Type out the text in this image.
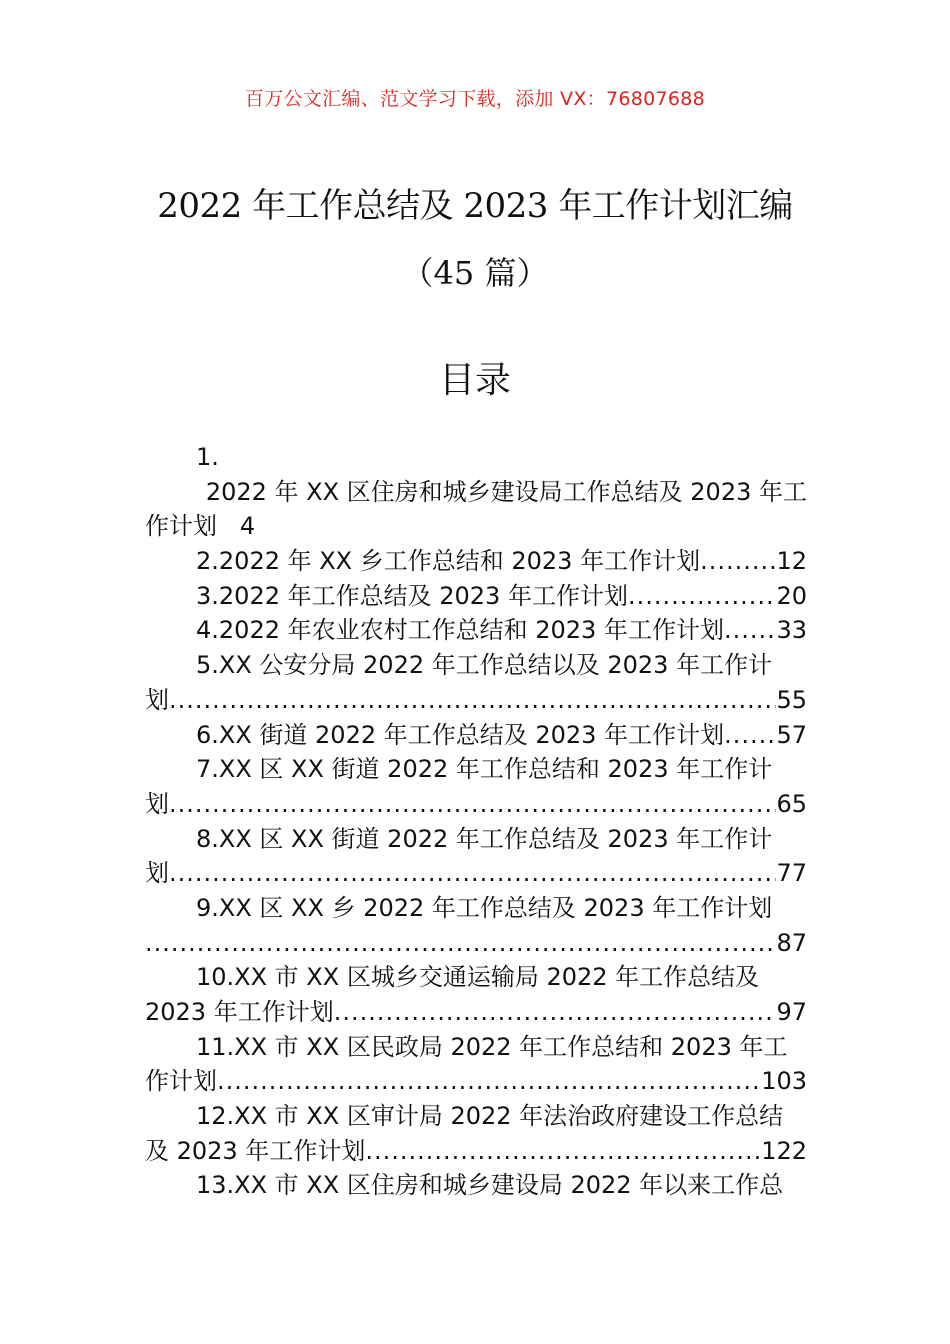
百万公文汇编、范文学习下载，添加 VX：76807688
2022 年工作总结及 2023 年工作计划汇编
（45 篇）
目录
1.
2022 年 XX 区住房和城乡建设局工作总结及 2023 年工
作计划 4
2.2022 年 XX 乡工作总结和 2023 年工作计划 .....	12
3.2022 年工作总结及 2023 年工作计划 .....	20
4.2022 年农业农村工作总结和 2023 年工作计划 ..... 33
5.XX 公安分局 2022 年工作总结以及 2023 年工作计
划 .....	55
6.XX 街道 2022 年工作总结及 2023 年工作计划 ..... 57
7.XX 区 XX 街道 2022 年工作总结和 2023 年工作计
划 .....	65
8.XX 区 XX 街道 2022 年工作总结及 2023 年工作计
划 .....	77
9.XX 区 XX 乡 2022 年工作总结及 2023 年工作计划
.....
87
10.XX 市 XX 区城乡交通运输局 2022 年工作总结及
2023 年工作计划 .....	97
11.XX 市 XX 区民政局 2022 年工作总结和 2023 年工
作计划 .....	103
12.XX 市 XX 区审计局 2022 年法治政府建设工作总结
及 2023 年工作计划 .....	122
13.XX 市 XX 区住房和城乡建设局 2022 年以来工作总
